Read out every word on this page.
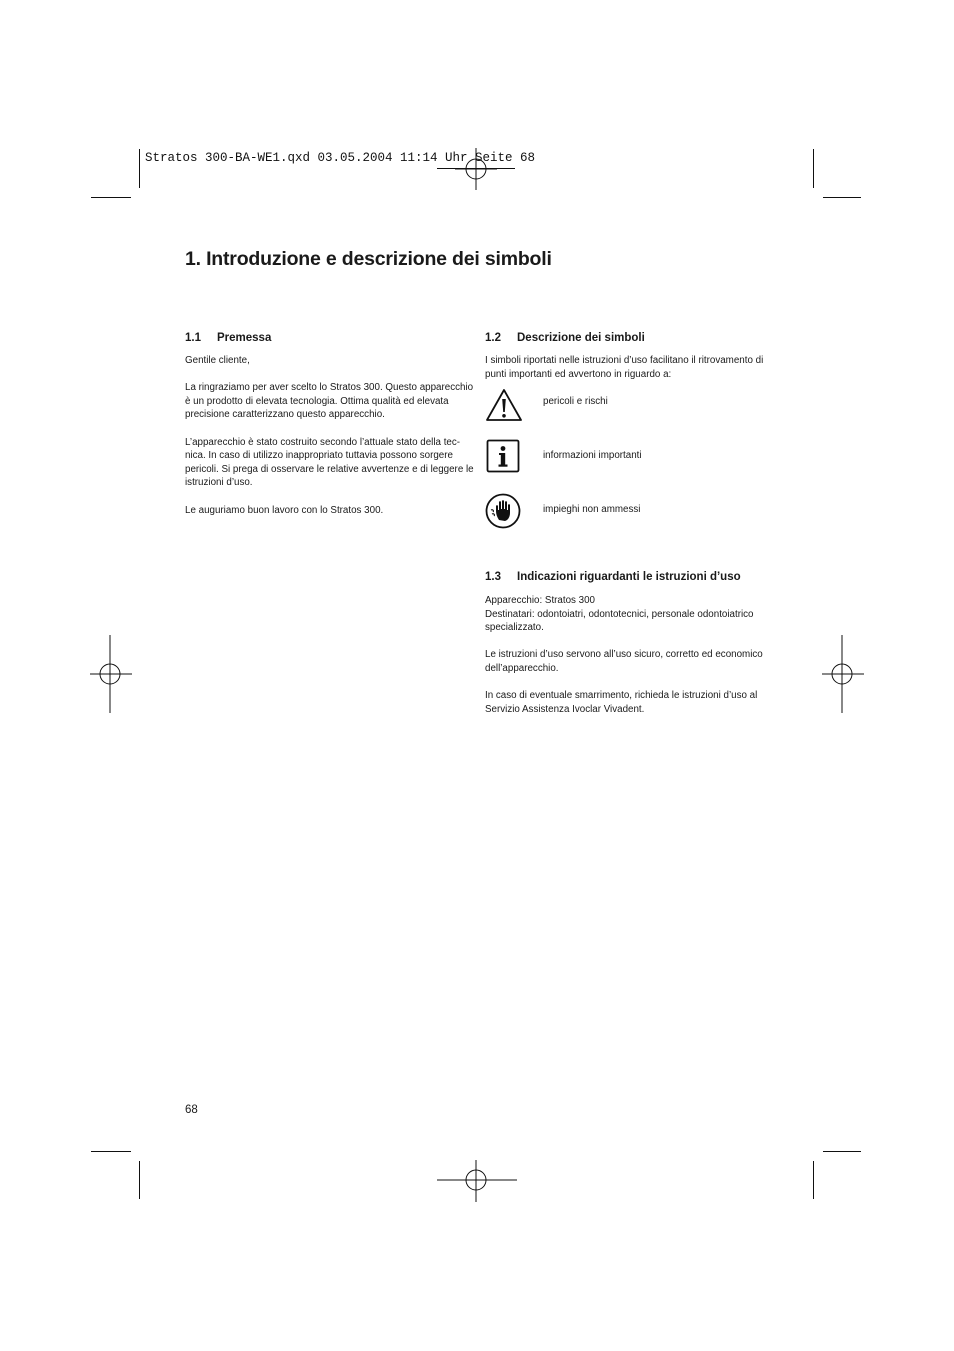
Stratos 300-BA-WE1.qxd 03.05.2004 11:14 Uhr Seite 68
1. Introduzione e descrizione dei simboli
1.1 Premessa
Gentile cliente,
La ringraziamo per aver scelto lo Stratos 300. Questo apparecchio
è un prodotto di elevata tecnologia. Ottima qualità ed elevata
precisione caratterizzano questo apparecchio.
L’apparecchio è stato costruito secondo l’attuale stato della tec-
nica. In caso di utilizzo inappropriato tuttavia possono sorgere
pericoli. Si prega di osservare le relative avvertenze e di leggere le
istruzioni d’uso.
Le auguriamo buon lavoro con lo Stratos 300.
1.2 Descrizione dei simboli
I simboli riportati nelle istruzioni d’uso facilitano il ritrovamento di
punti importanti ed avvertono in riguardo a:
pericoli e rischi
informazioni importanti
impieghi non ammessi
1.3 Indicazioni riguardanti le istruzioni d’uso
Apparecchio: Stratos 300
Destinatari: odontoiatri, odontotecnici, personale odontoiatrico
specializzato.
Le istruzioni d’uso servono all’uso sicuro, corretto ed economico
dell’apparecchio.
In caso di eventuale smarrimento, richieda le istruzioni d’uso al
Servizio Assistenza Ivoclar Vivadent.
68
